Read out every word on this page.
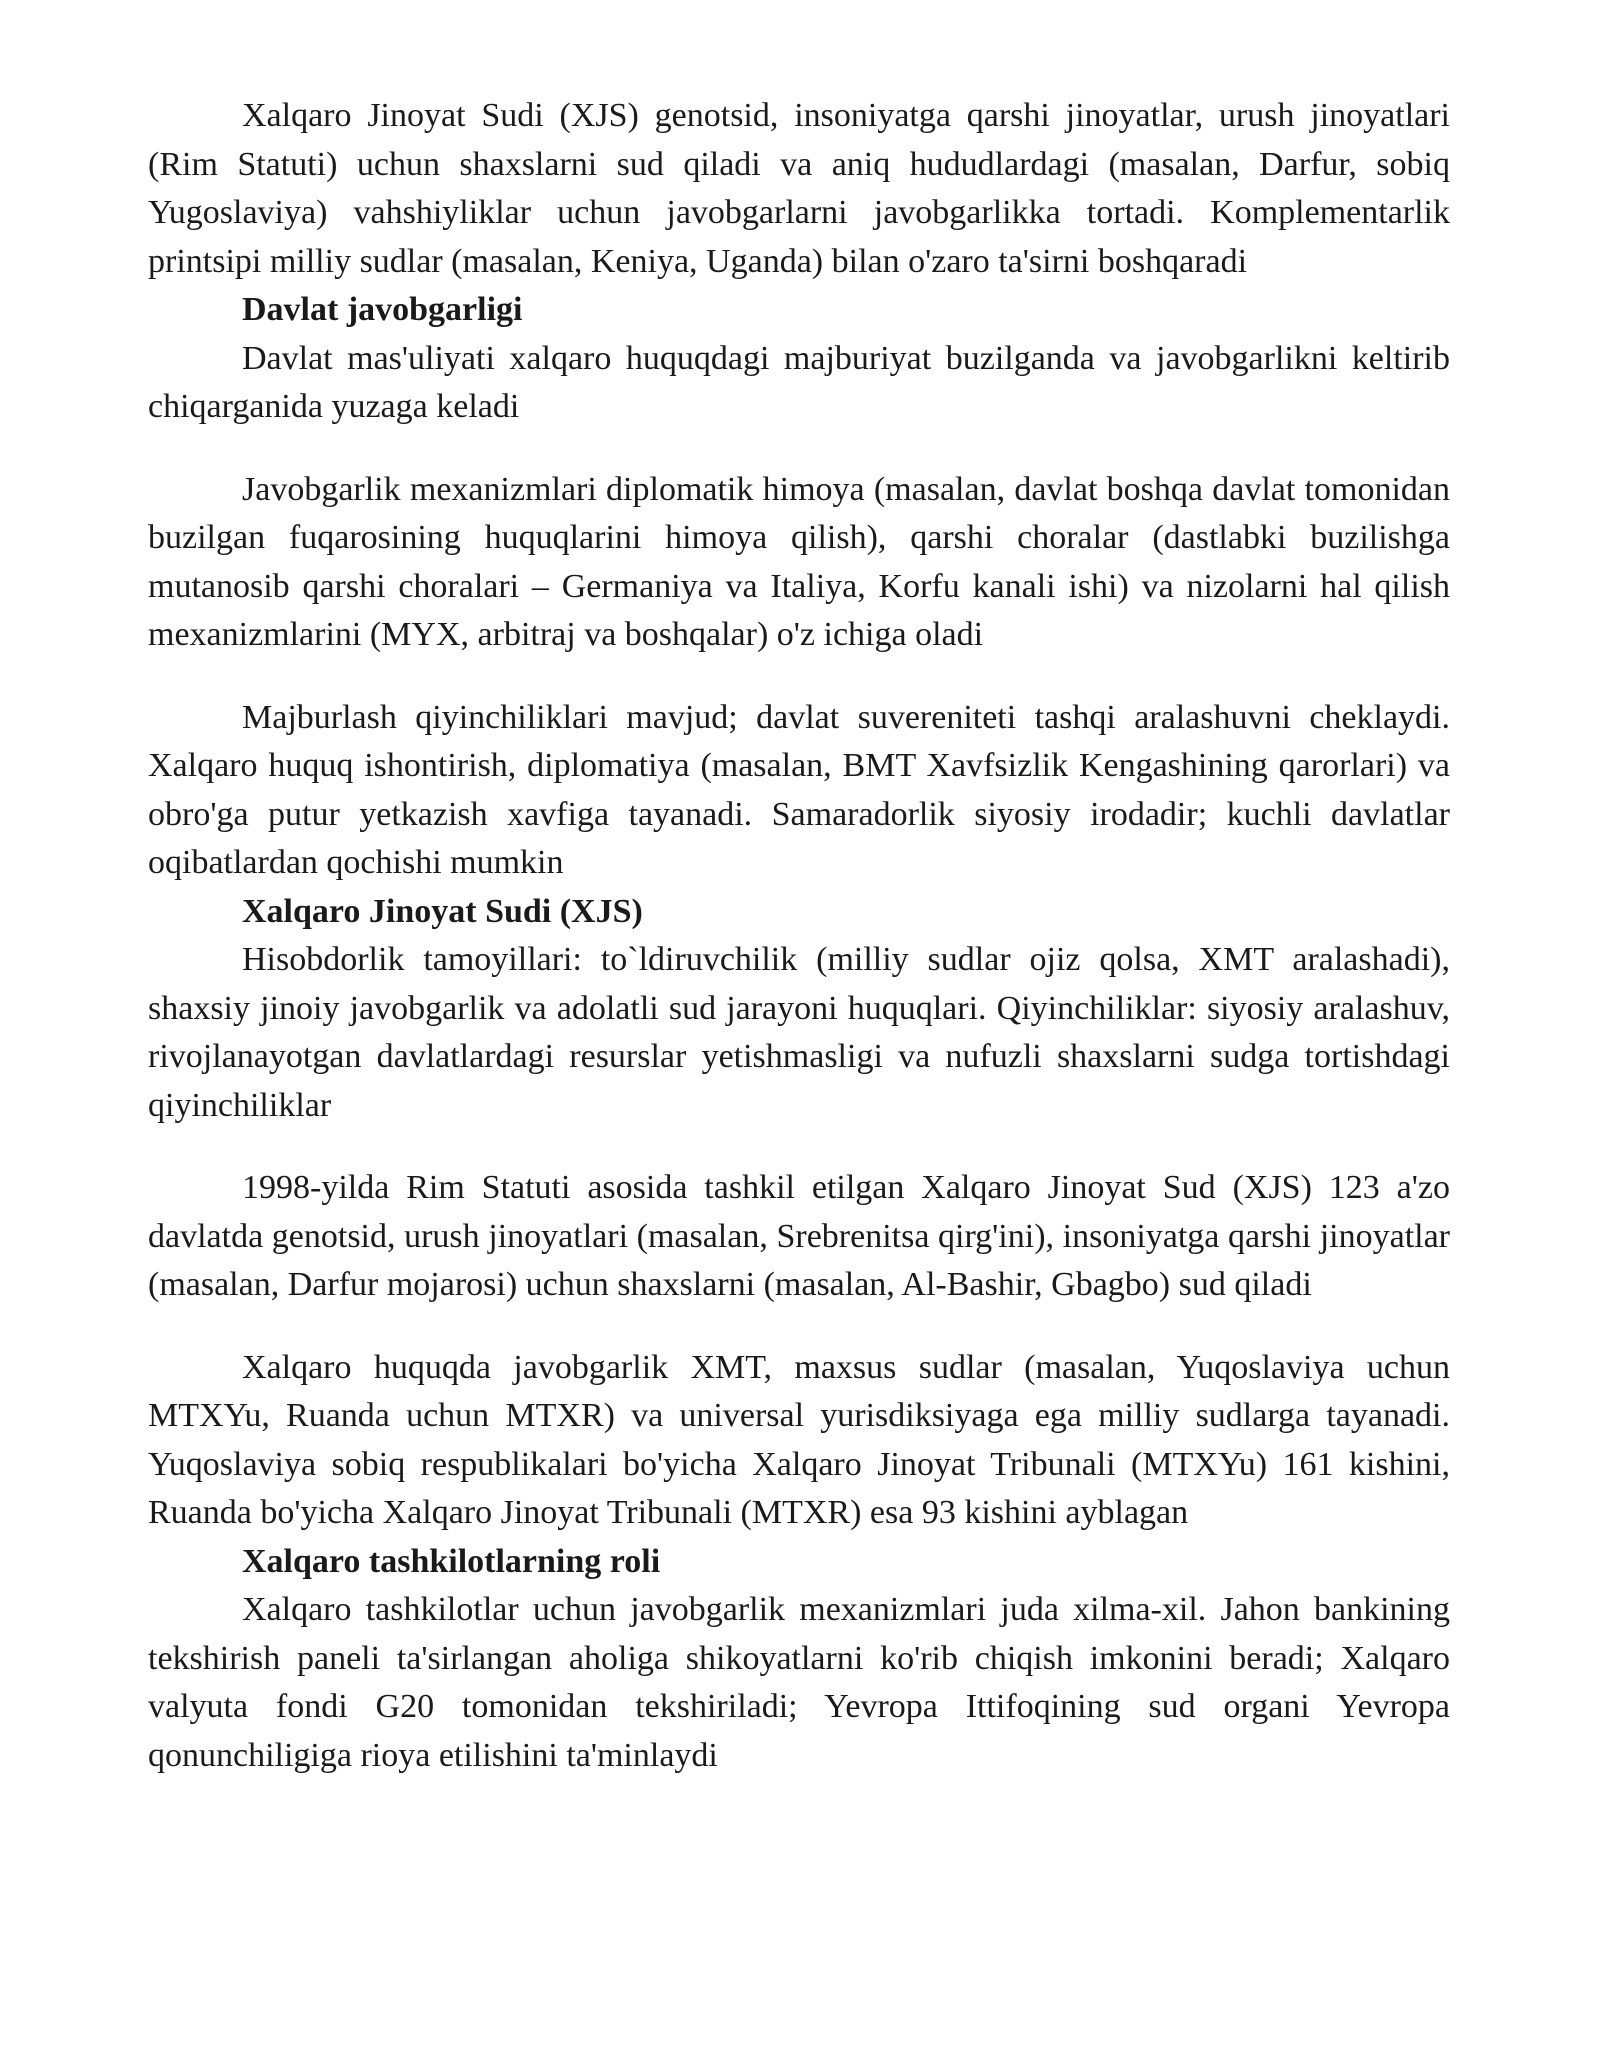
Xalqaro Jinoyat Sudi (XJS) genotsid, insoniyatga qarshi jinoyatlar, urush jinoyatlari (Rim Statuti) uchun shaxslarni sud qiladi va aniq hududlardagi (masalan, Darfur, sobiq Yugoslaviya) vahshiyliklar uchun javobgarlarni javobgarlikka tortadi. Komplementarlik printsipi milliy sudlar (masalan, Keniya, Uganda) bilan o'zaro ta'sirni boshqaradi

Davlat javobgarligi

Davlat mas'uliyati xalqaro huquqdagi majburiyat buzilganda va javobgarlikni keltirib chiqarganida yuzaga keladi

Javobgarlik mexanizmlari diplomatik himoya (masalan, davlat boshqa davlat tomonidan buzilgan fuqarosining huquqlarini himoya qilish), qarshi choralar (dastlabki buzilishga mutanosib qarshi choralari – Germaniya va Italiya, Korfu kanali ishi) va nizolarni hal qilish mexanizmlarini (MYX, arbitraj va boshqalar) o'z ichiga oladi

Majburlash qiyinchiliklari mavjud; davlat suvereniteti tashqi aralashuvni cheklaydi. Xalqaro huquq ishontirish, diplomatiya (masalan, BMT Xavfsizlik Kengashining qarorlari) va obro'ga putur yetkazish xavfiga tayanadi. Samaradorlik siyosiy irodadir; kuchli davlatlar oqibatlardan qochishi mumkin

Xalqaro Jinoyat Sudi (XJS)

Hisobdorlik tamoyillari: to`ldiruvchilik (milliy sudlar ojiz qolsa, XMT aralashadi), shaxsiy jinoiy javobgarlik va adolatli sud jarayoni huquqlari. Qiyinchiliklar: siyosiy aralashuv, rivojlanayotgan davlatlardagi resurslar yetishmasligi va nufuzli shaxslarni sudga tortishdagi qiyinchiliklar

1998-yilda Rim Statuti asosida tashkil etilgan Xalqaro Jinoyat Sud (XJS) 123 a'zo davlatda genotsid, urush jinoyatlari (masalan, Srebrenitsa qirg'ini), insoniyatga qarshi jinoyatlar (masalan, Darfur mojarosi) uchun shaxslarni (masalan, Al-Bashir, Gbagbo) sud qiladi

Xalqaro huquqda javobgarlik XMT, maxsus sudlar (masalan, Yuqoslaviya uchun MTXYu, Ruanda uchun MTXR) va universal yurisdiksiyaga ega milliy sudlarga tayanadi. Yuqoslaviya sobiq respublikalari bo'yicha Xalqaro Jinoyat Tribunali (MTXYu) 161 kishini, Ruanda bo'yicha Xalqaro Jinoyat Tribunali (MTXR) esa 93 kishini ayblagan

Xalqaro tashkilotlarning roli

Xalqaro tashkilotlar uchun javobgarlik mexanizmlari juda xilma-xil. Jahon bankining tekshirish paneli ta'sirlangan aholiga shikoyatlarni ko'rib chiqish imkonini beradi; Xalqaro valyuta fondi G20 tomonidan tekshiriladi; Yevropa Ittifoqining sud organi Yevropa qonunchiligiga rioya etilishini ta'minlaydi
